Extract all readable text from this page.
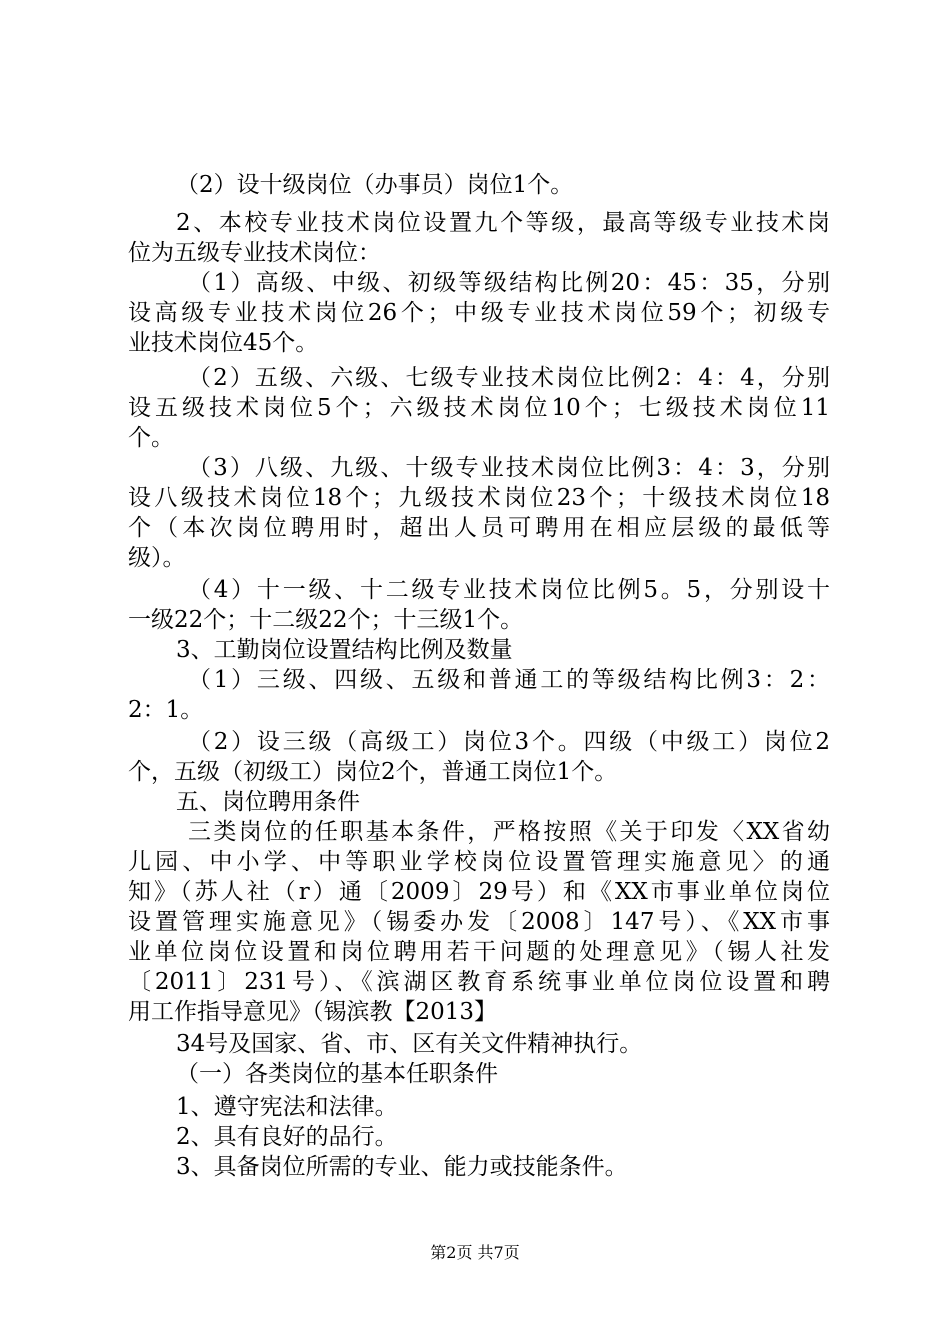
（2）设十级岗位（办事员）岗位1个。
2、本校专业技术岗位设置九个等级，最高等级专业技术岗
位为五级专业技术岗位：
（1）高级、中级、初级等级结构比例20：45：35，分别
设高级专业技术岗位26个；中级专业技术岗位59个；初级专
业技术岗位45个。
（2）五级、六级、七级专业技术岗位比例2：4：4，分别
设五级技术岗位5个；六级技术岗位10个；七级技术岗位11
个。
（3）八级、九级、十级专业技术岗位比例3：4：3，分别
设八级技术岗位18个；九级技术岗位23个；十级技术岗位18
个（本次岗位聘用时，超出人员可聘用在相应层级的最低等
级）。
（4）十一级、十二级专业技术岗位比例5。5，分别设十
一级22个；十二级22个；十三级1个。
3、工勤岗位设置结构比例及数量
（1）三级、四级、五级和普通工的等级结构比例3：2：
2：1。
（2）设三级（高级工）岗位3个。四级（中级工）岗位2
个，五级（初级工）岗位2个，普通工岗位1个。
五、岗位聘用条件
三类岗位的任职基本条件，严格按照《关于印发〈XX省幼
儿园、中小学、中等职业学校岗位设置管理实施意见〉的通
知》（苏人社（r）通〔2009〕29号）和《XX市事业单位岗位
设置管理实施意见》（锡委办发〔2008〕147号）、《XX市事
业单位岗位设置和岗位聘用若干问题的处理意见》（锡人社发
〔2011〕231号）、《滨湖区教育系统事业单位岗位设置和聘
用工作指导意见》（锡滨教【2013】
34号及国家、省、市、区有关文件精神执行。
（一）各类岗位的基本任职条件
1、遵守宪法和法律。
2、具有良好的品行。
3、具备岗位所需的专业、能力或技能条件。
第2页 共7页
